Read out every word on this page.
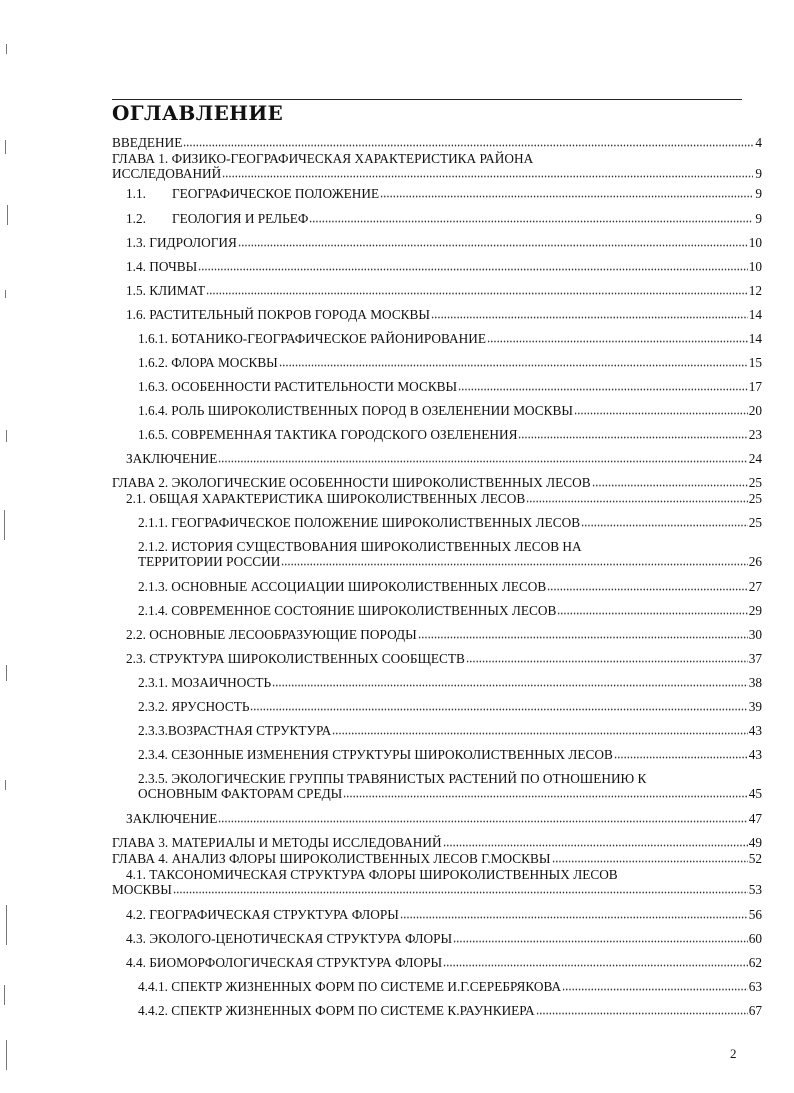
ОГЛАВЛЕНИЕ
ВВЕДЕНИЕ	4
ГЛАВА 1. ФИЗИКО-ГЕОГРАФИЧЕСКАЯ ХАРАКТЕРИСТИКА РАЙОНА
ИССЛЕДОВАНИЙ	9
1.1.	ГЕОГРАФИЧЕСКОЕ ПОЛОЖЕНИЕ	9
1.2.	ГЕОЛОГИЯ И РЕЛЬЕФ	9
1.3. ГИДРОЛОГИЯ	10
1.4. ПОЧВЫ	10
1.5. КЛИМАТ	12
1.6. РАСТИТЕЛЬНЫЙ ПОКРОВ ГОРОДА МОСКВЫ	14
1.6.1. БОТАНИКО-ГЕОГРАФИЧЕСКОЕ РАЙОНИРОВАНИЕ	14
1.6.2. ФЛОРА МОСКВЫ	15
1.6.3. ОСОБЕННОСТИ РАСТИТЕЛЬНОСТИ МОСКВЫ	17
1.6.4. РОЛЬ ШИРОКОЛИСТВЕННЫХ ПОРОД В ОЗЕЛЕНЕНИИ МОСКВЫ	20
1.6.5. СОВРЕМЕННАЯ ТАКТИКА ГОРОДСКОГО ОЗЕЛЕНЕНИЯ	23
ЗАКЛЮЧЕНИЕ	24
ГЛАВА 2. ЭКОЛОГИЧЕСКИЕ ОСОБЕННОСТИ ШИРОКОЛИСТВЕННЫХ ЛЕСОВ	25
2.1. ОБЩАЯ ХАРАКТЕРИСТИКА ШИРОКОЛИСТВЕННЫХ ЛЕСОВ	25
2.1.1. ГЕОГРАФИЧЕСКОЕ ПОЛОЖЕНИЕ ШИРОКОЛИСТВЕННЫХ ЛЕСОВ	25
2.1.2. ИСТОРИЯ СУЩЕСТВОВАНИЯ ШИРОКОЛИСТВЕННЫХ ЛЕСОВ НА
ТЕРРИТОРИИ РОССИИ	26
2.1.3. ОСНОВНЫЕ АССОЦИАЦИИ ШИРОКОЛИСТВЕННЫХ ЛЕСОВ	27
2.1.4. СОВРЕМЕННОЕ СОСТОЯНИЕ ШИРОКОЛИСТВЕННЫХ ЛЕСОВ	29
2.2. ОСНОВНЫЕ ЛЕСООБРАЗУЮЩИЕ ПОРОДЫ	30
2.3. СТРУКТУРА ШИРОКОЛИСТВЕННЫХ СООБЩЕСТВ	37
2.3.1. МОЗАИЧНОСТЬ	38
2.3.2. ЯРУСНОСТЬ	39
2.3.3.ВОЗРАСТНАЯ СТРУКТУРА	43
2.3.4. СЕЗОННЫЕ ИЗМЕНЕНИЯ СТРУКТУРЫ ШИРОКОЛИСТВЕННЫХ ЛЕСОВ	43
2.3.5. ЭКОЛОГИЧЕСКИЕ ГРУППЫ ТРАВЯНИСТЫХ РАСТЕНИЙ ПО ОТНОШЕНИЮ К
ОСНОВНЫМ ФАКТОРАМ СРЕДЫ	45
ЗАКЛЮЧЕНИЕ	47
ГЛАВА 3. МАТЕРИАЛЫ И МЕТОДЫ ИССЛЕДОВАНИЙ	49
ГЛАВА 4. АНАЛИЗ ФЛОРЫ ШИРОКОЛИСТВЕННЫХ ЛЕСОВ Г.МОСКВЫ	52
4.1. ТАКСОНОМИЧЕСКАЯ СТРУКТУРА ФЛОРЫ ШИРОКОЛИСТВЕННЫХ ЛЕСОВ
МОСКВЫ	53
4.2. ГЕОГРАФИЧЕСКАЯ СТРУКТУРА ФЛОРЫ	56
4.3. ЭКОЛОГО-ЦЕНОТИЧЕСКАЯ СТРУКТУРА ФЛОРЫ	60
4.4. БИОМОРФОЛОГИЧЕСКАЯ СТРУКТУРА ФЛОРЫ	62
4.4.1. СПЕКТР ЖИЗНЕННЫХ ФОРМ ПО СИСТЕМЕ И.Г.СЕРЕБРЯКОВА	63
4.4.2. СПЕКТР ЖИЗНЕННЫХ ФОРМ ПО СИСТЕМЕ К.РАУНКИЕРА	67
2
